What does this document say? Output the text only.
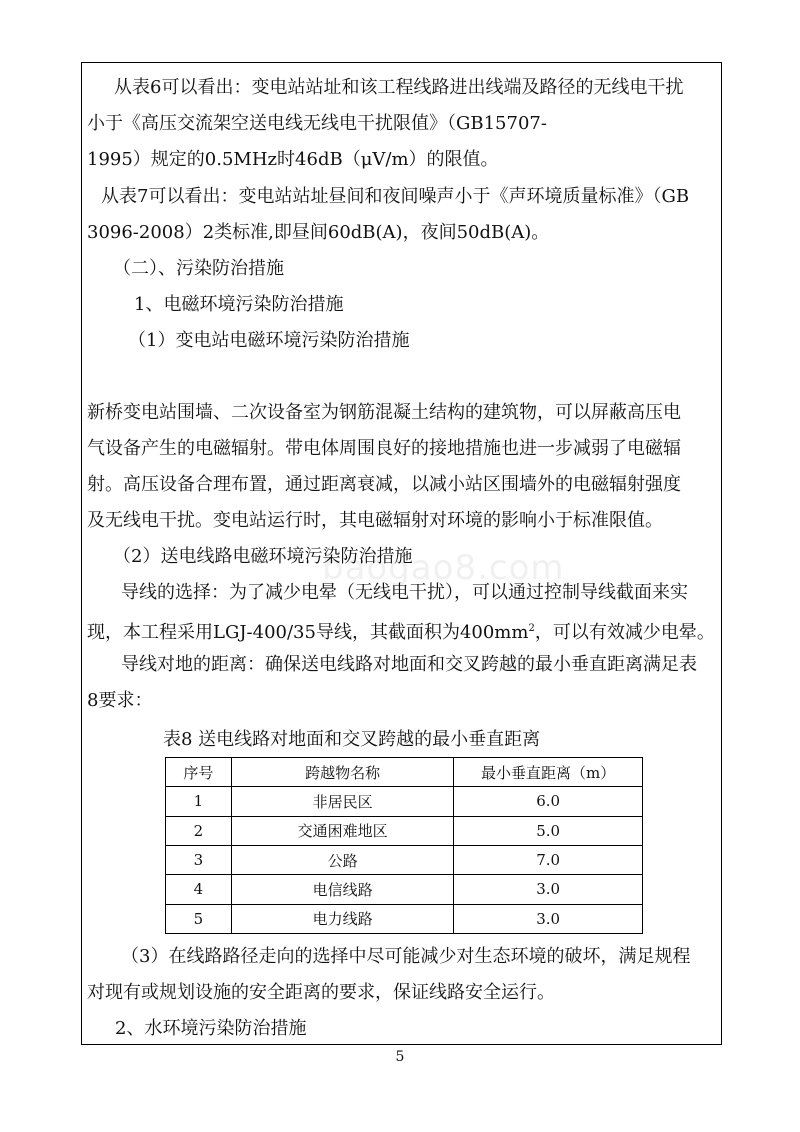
从表6可以看出：变电站站址和该工程线路进出线端及路径的无线电干扰
小于《高压交流架空送电线无线电干扰限值》（GB15707-
1995）规定的0.5MHz时46dB（μV/m）的限值。
从表7可以看出：变电站站址昼间和夜间噪声小于《声环境质量标准》（GB
3096-2008）2类标准,即昼间60dB(A)，夜间50dB(A)。
（二）、污染防治措施
1、电磁环境污染防治措施
（1）变电站电磁环境污染防治措施
新桥变电站围墙、二次设备室为钢筋混凝土结构的建筑物，可以屏蔽高压电
气设备产生的电磁辐射。带电体周围良好的接地措施也进一步减弱了电磁辐
射。高压设备合理布置，通过距离衰减，以减小站区围墙外的电磁辐射强度
及无线电干扰。变电站运行时，其电磁辐射对环境的影响小于标准限值。
baogao8.com
（2）送电线路电磁环境污染防治措施
导线的选择：为了减少电晕（无线电干扰），可以通过控制导线截面来实
现，本工程采用LGJ-400/35导线，其截面积为$400mm^2$，可以有效减少电晕。
导线对地的距离：确保送电线路对地面和交叉跨越的最小垂直距离满足表
8要求：
表8 送电线路对地面和交叉跨越的最小垂直距离
序号	跨越物名称	最小垂直距离（m）
1	非居民区	6.0
2	交通困难地区	5.0
3	公路	7.0
4	电信线路	3.0
5	电力线路	3.0
（3）在线路路径走向的选择中尽可能减少对生态环境的破坏，满足规程
对现有或规划设施的安全距离的要求，保证线路安全运行。
2、水环境污染防治措施
5
